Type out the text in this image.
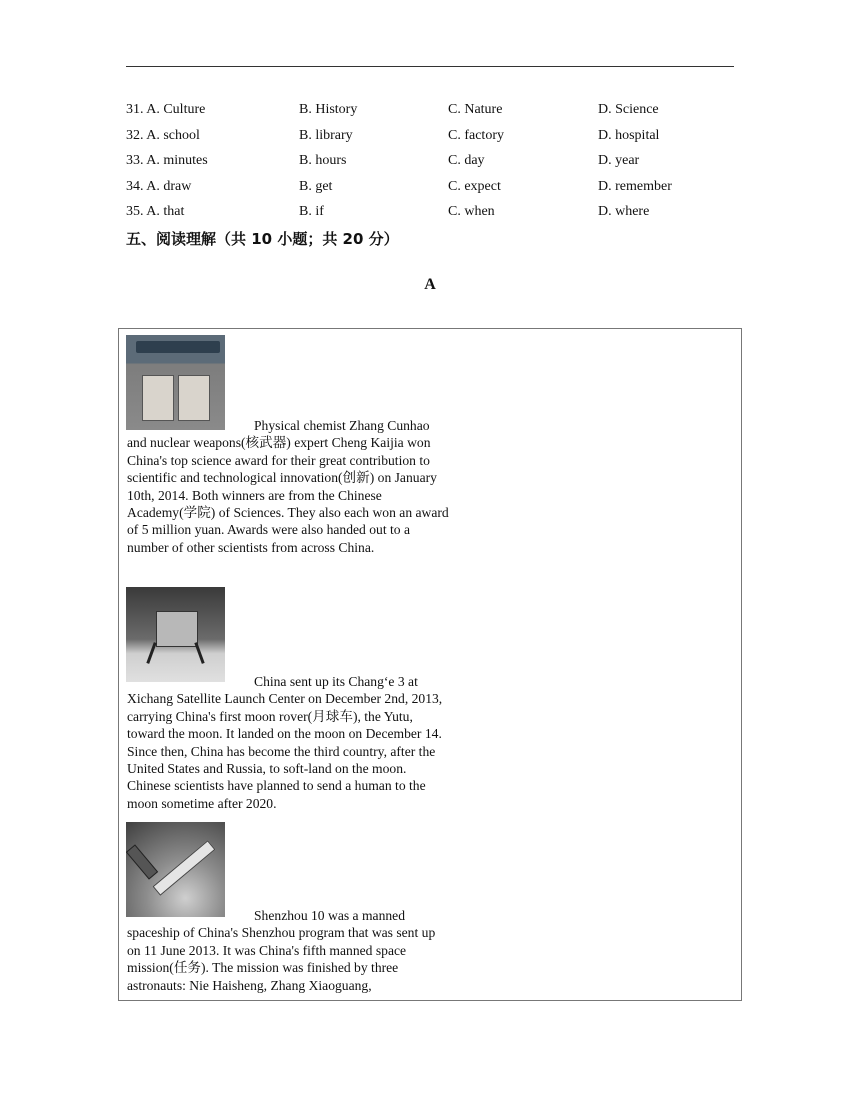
31. A. Culture	B. History	C. Nature	D. Science
32. A. school	B. library	C. factory	D. hospital
33. A. minutes	B. hours	C. day	D. year
34. A. draw	B. get	C. expect	D. remember
35. A. that	B. if	C. when	D. where
五、阅读理解（共 10 小题；共 20 分）
A
Physical chemist Zhang Cunhao
and nuclear weapons(核武器) expert Cheng Kaijia won China's top science award for their great contribution to scientific and technological innovation(创新) on January 10th, 2014. Both winners are from the Chinese Academy(学院) of Sciences. They also each won an award of 5 million yuan. Awards were also handed out to a number of other scientists from across China.
China sent up its Chang‘e 3 at
Xichang Satellite Launch Center on December 2nd, 2013, carrying China's first moon rover(月球车), the Yutu, toward the moon. It landed on the moon on December 14. Since then, China has become the third country, after the United States and Russia, to soft-land on the moon. Chinese scientists have planned to send a human to the moon sometime after 2020.
Shenzhou 10 was a manned
spaceship of China's Shenzhou program that was sent up on 11 June 2013. It was China's fifth manned space mission(任务). The mission was finished by three astronauts: Nie Haisheng, Zhang Xiaoguang,
